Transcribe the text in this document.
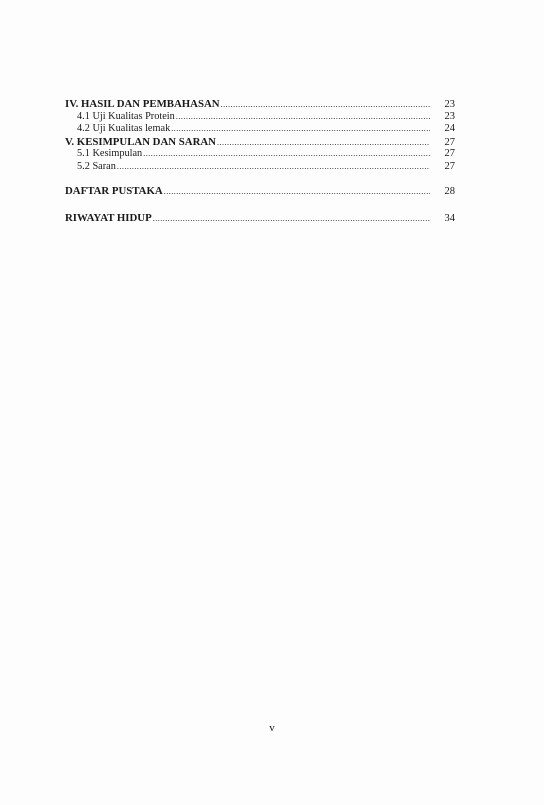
IV. HASIL DAN PEMBAHASAN .....	23
4.1 Uji Kualitas Protein .....	23
4.2 Uji Kualitas lemak .....	24
V. KESIMPULAN DAN SARAN .....	27
5.1 Kesimpulan .....	27
5.2 Saran .....	27
DAFTAR PUSTAKA .....	28
RIWAYAT HIDUP .....	34
v
